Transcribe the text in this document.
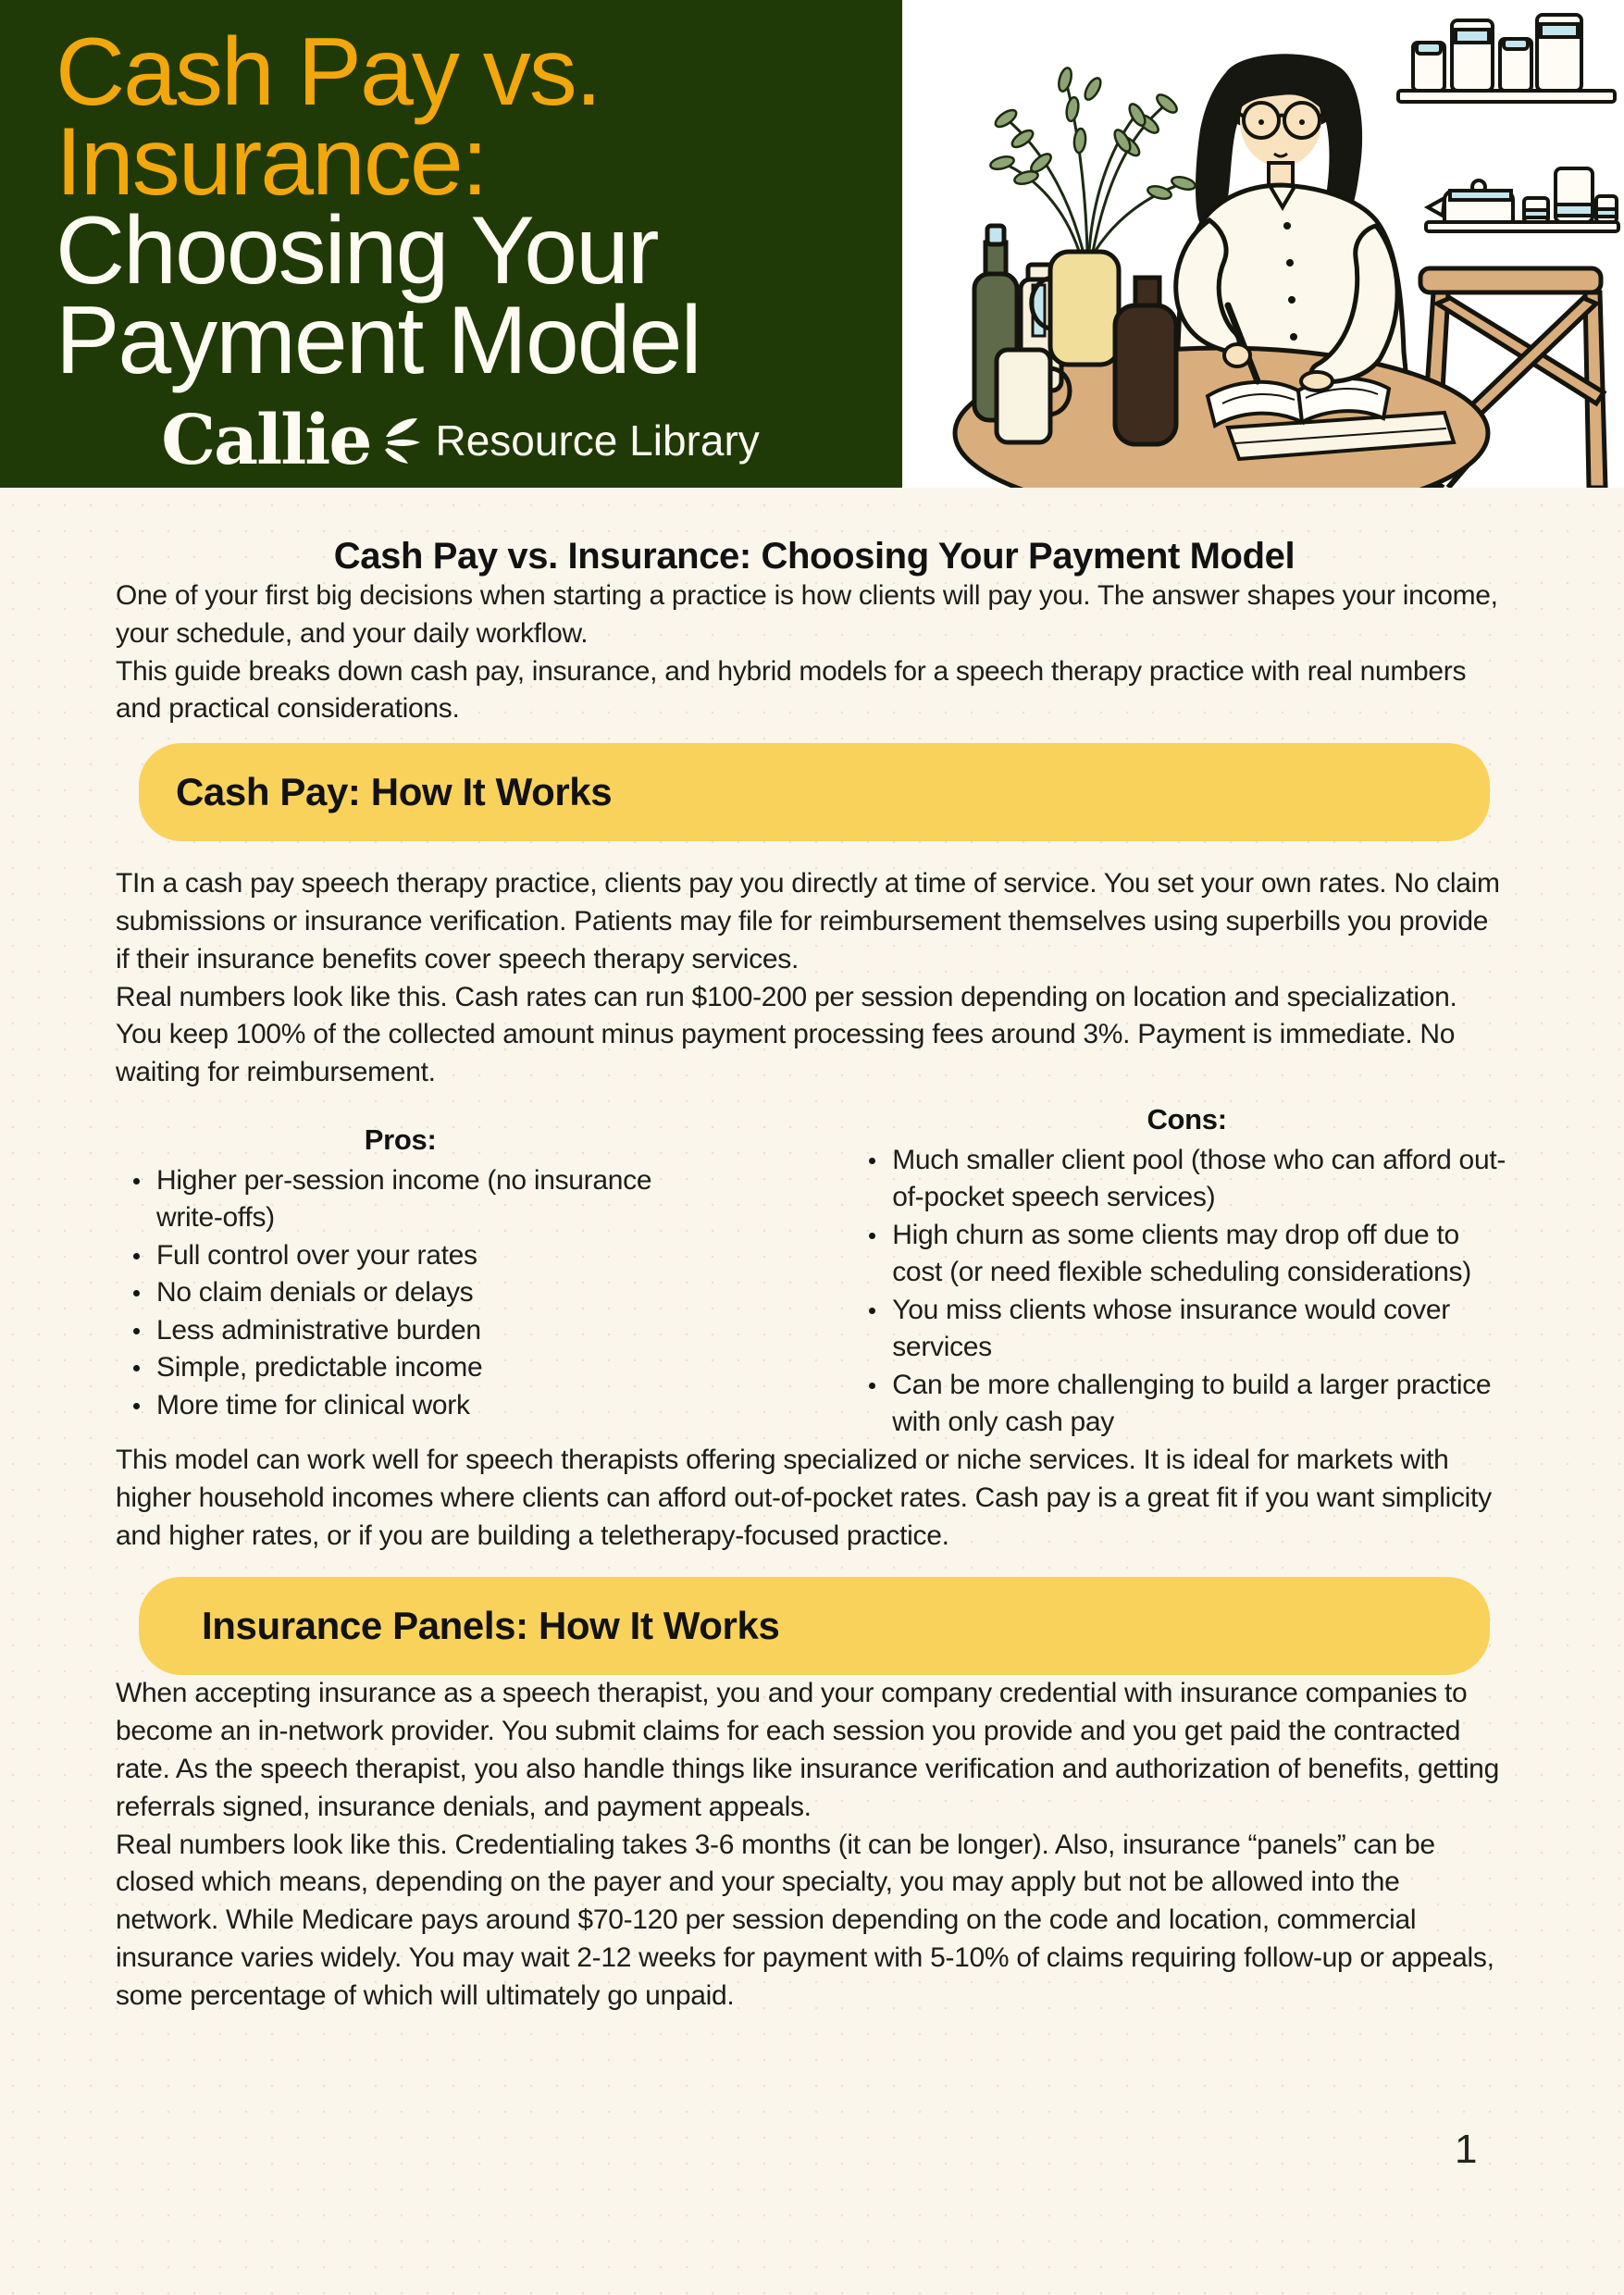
Cash Pay vs.
Insurance:
Choosing Your
Payment Model
Callie Resource Library
Cash Pay vs. Insurance: Choosing Your Payment Model

One of your first big decisions when starting a practice is how clients will pay you. The answer shapes your income, your schedule, and your daily workflow.

This guide breaks down cash pay, insurance, and hybrid models for a speech therapy practice with real numbers and practical considerations.

Cash Pay: How It Works

TIn a cash pay speech therapy practice, clients pay you directly at time of service. You set your own rates. No claim submissions or insurance verification. Patients may file for reimbursement themselves using superbills you provide if their insurance benefits cover speech therapy services.

Real numbers look like this. Cash rates can run $100-200 per session depending on location and specialization. You keep 100% of the collected amount minus payment processing fees around 3%. Payment is immediate. No waiting for reimbursement.

Pros:
Higher per-session income (no insurance write-offs)
Full control over your rates
No claim denials or delays
Less administrative burden
Simple, predictable income
More time for clinical work
Cons:
Much smaller client pool (those who can afford out-of-pocket speech services)
High churn as some clients may drop off due to cost (or need flexible scheduling considerations)
You miss clients whose insurance would cover services
Can be more challenging to build a larger practice with only cash pay

This model can work well for speech therapists offering specialized or niche services. It is ideal for markets with higher household incomes where clients can afford out-of-pocket rates. Cash pay is a great fit if you want simplicity and higher rates, or if you are building a teletherapy-focused practice.

Insurance Panels: How It Works

When accepting insurance as a speech therapist, you and your company credential with insurance companies to become an in-network provider. You submit claims for each session you provide and you get paid the contracted rate. As the speech therapist, you also handle things like insurance verification and authorization of benefits, getting referrals signed, insurance denials, and payment appeals.

Real numbers look like this. Credentialing takes 3-6 months (it can be longer). Also, insurance “panels” can be closed which means, depending on the payer and your specialty, you may apply but not be allowed into the network. While Medicare pays around $70-120 per session depending on the code and location, commercial insurance varies widely. You may wait 2-12 weeks for payment with 5-10% of claims requiring follow-up or appeals, some percentage of which will ultimately go unpaid.

1
